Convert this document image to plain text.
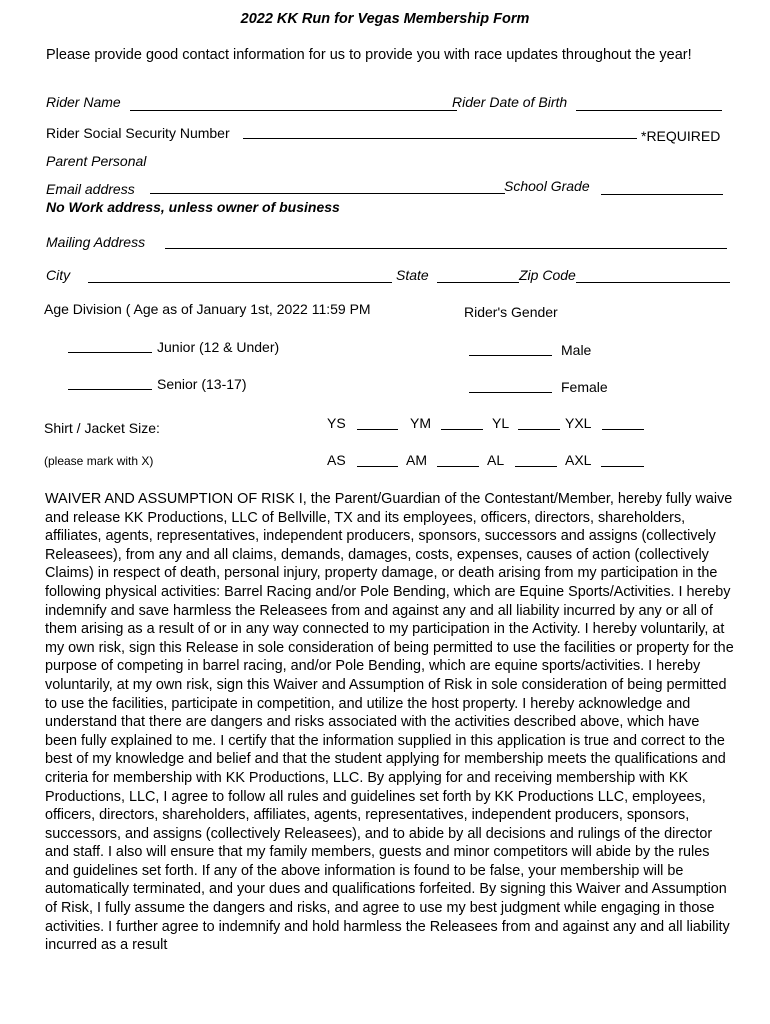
2022 KK Run for Vegas Membership Form
Please provide good contact information for us to provide you with race updates throughout the year!
Rider Name	Rider Date of Birth
Rider Social Security Number	*REQUIRED
Parent Personal
Email address	School Grade
No Work address, unless owner of business
Mailing Address
City	State	Zip Code
Age Division ( Age as of January 1st, 2022 11:59 PM
Junior (12 & Under)
Senior (13-17)
Rider's Gender
Male
Female
Shirt / Jacket Size:
(please mark with X)
YS	YM	YL	YXL
AS	AM	AL	AXL
WAIVER AND ASSUMPTION OF RISK I, the Parent/Guardian of the Contestant/Member, hereby fully waive and release KK Productions, LLC of Bellville, TX and its employees, officers, directors, shareholders, affiliates, agents, representatives, independent producers, sponsors, successors and assigns (collectively Releasees), from any and all claims, demands, damages, costs, expenses, causes of action (collectively Claims) in respect of death, personal injury, property damage, or death arising from my participation in the following physical activities: Barrel Racing and/or Pole Bending, which are Equine Sports/Activities. I hereby indemnify and save harmless the Releasees from and against any and all liability incurred by any or all of them arising as a result of or in any way connected to my participation in the Activity. I hereby voluntarily, at my own risk, sign this Release in sole consideration of being permitted to use the facilities or property for the purpose of competing in barrel racing, and/or Pole Bending, which are equine sports/activities. I hereby voluntarily, at my own risk, sign this Waiver and Assumption of Risk in sole consideration of being permitted to use the facilities, participate in competition, and utilize the host property. I hereby acknowledge and understand that there are dangers and risks associated with the activities described above, which have been fully explained to me. I certify that the information supplied in this application is true and correct to the best of my knowledge and belief and that the student applying for membership meets the qualifications and criteria for membership with KK Productions, LLC. By applying for and receiving membership with KK Productions, LLC, I agree to follow all rules and guidelines set forth by KK Productions LLC, employees, officers, directors, shareholders, affiliates, agents, representatives, independent producers, sponsors, successors, and assigns (collectively Releasees), and to abide by all decisions and rulings of the director and staff. I also will ensure that my family members, guests and minor competitors will abide by the rules and guidelines set forth. If any of the above information is found to be false, your membership will be automatically terminated, and your dues and qualifications forfeited. By signing this Waiver and Assumption of Risk, I fully assume the dangers and risks, and agree to use my best judgment while engaging in those activities. I further agree to indemnify and hold harmless the Releasees from and against any and all liability incurred as a result
